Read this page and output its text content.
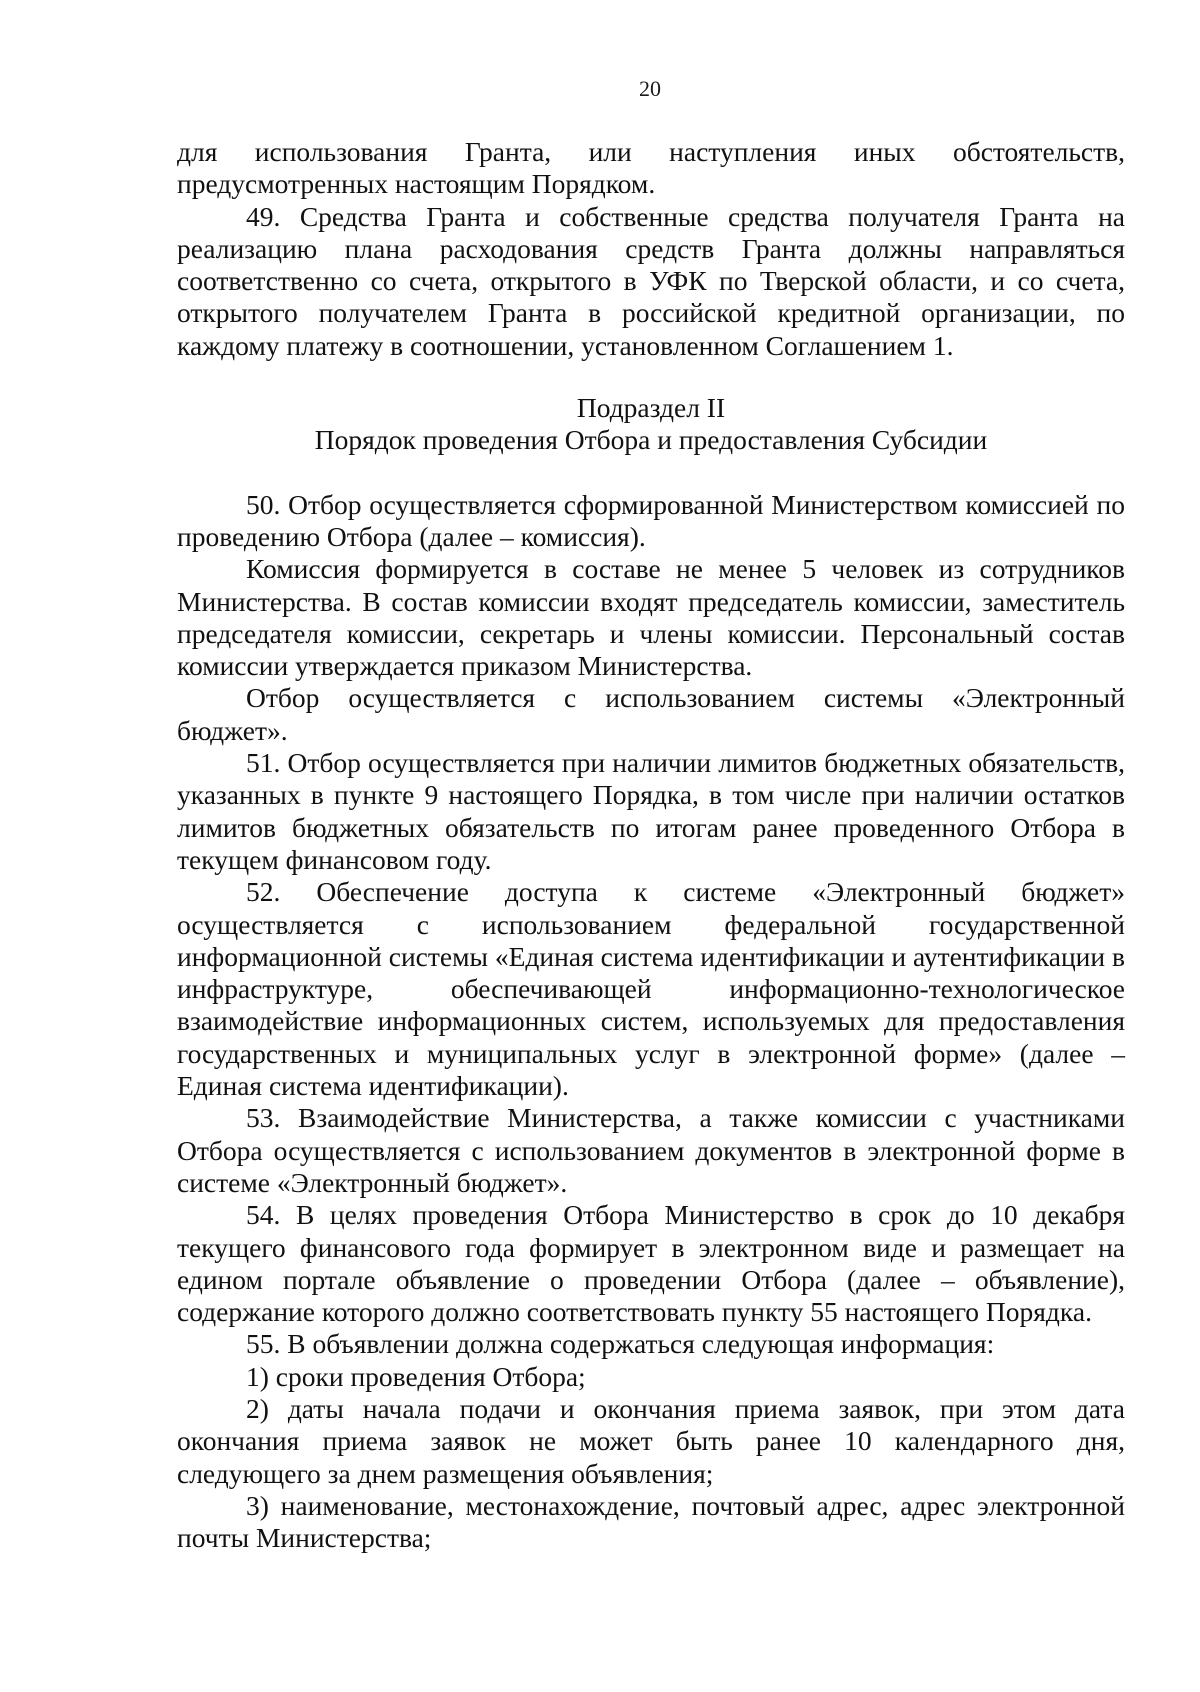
20

для использования Гранта, или наступления иных обстоятельств, предусмотренных настоящим Порядком.

49. Средства Гранта и собственные средства получателя Гранта на реализацию плана расходования средств Гранта должны направляться соответственно со счета, открытого в УФК по Тверской области, и со счета, открытого получателем Гранта в российской кредитной организации, по каждому платежу в соотношении, установленном Соглашением 1.

Подраздел II

Порядок проведения Отбора и предоставления Субсидии

50. Отбор осуществляется сформированной Министерством комиссией по проведению Отбора (далее – комиссия).

Комиссия формируется в составе не менее 5 человек из сотрудников Министерства. В состав комиссии входят председатель комиссии, заместитель председателя комиссии, секретарь и члены комиссии. Персональный состав комиссии утверждается приказом Министерства.

Отбор осуществляется с использованием системы «Электронный бюджет».

51. Отбор осуществляется при наличии лимитов бюджетных обязательств, указанных в пункте 9 настоящего Порядка, в том числе при наличии остатков лимитов бюджетных обязательств по итогам ранее проведенного Отбора в текущем финансовом году.

52. Обеспечение доступа к системе «Электронный бюджет» осуществляется с использованием федеральной государственной информационной системы «Единая система идентификации и аутентификации в инфраструктуре, обеспечивающей информационно-технологическое взаимодействие информационных систем, используемых для предоставления государственных и муниципальных услуг в электронной форме» (далее – Единая система идентификации).

53. Взаимодействие Министерства, а также комиссии с участниками Отбора осуществляется с использованием документов в электронной форме в системе «Электронный бюджет».

54. В целях проведения Отбора Министерство в срок до 10 декабря текущего финансового года формирует в электронном виде и размещает на едином портале объявление о проведении Отбора (далее – объявление), содержание которого должно соответствовать пункту 55 настоящего Порядка.

55. В объявлении должна содержаться следующая информация:

1) сроки проведения Отбора;

2) даты начала подачи и окончания приема заявок, при этом дата окончания приема заявок не может быть ранее 10 календарного дня, следующего за днем размещения объявления;

3) наименование, местонахождение, почтовый адрес, адрес электронной почты Министерства;
